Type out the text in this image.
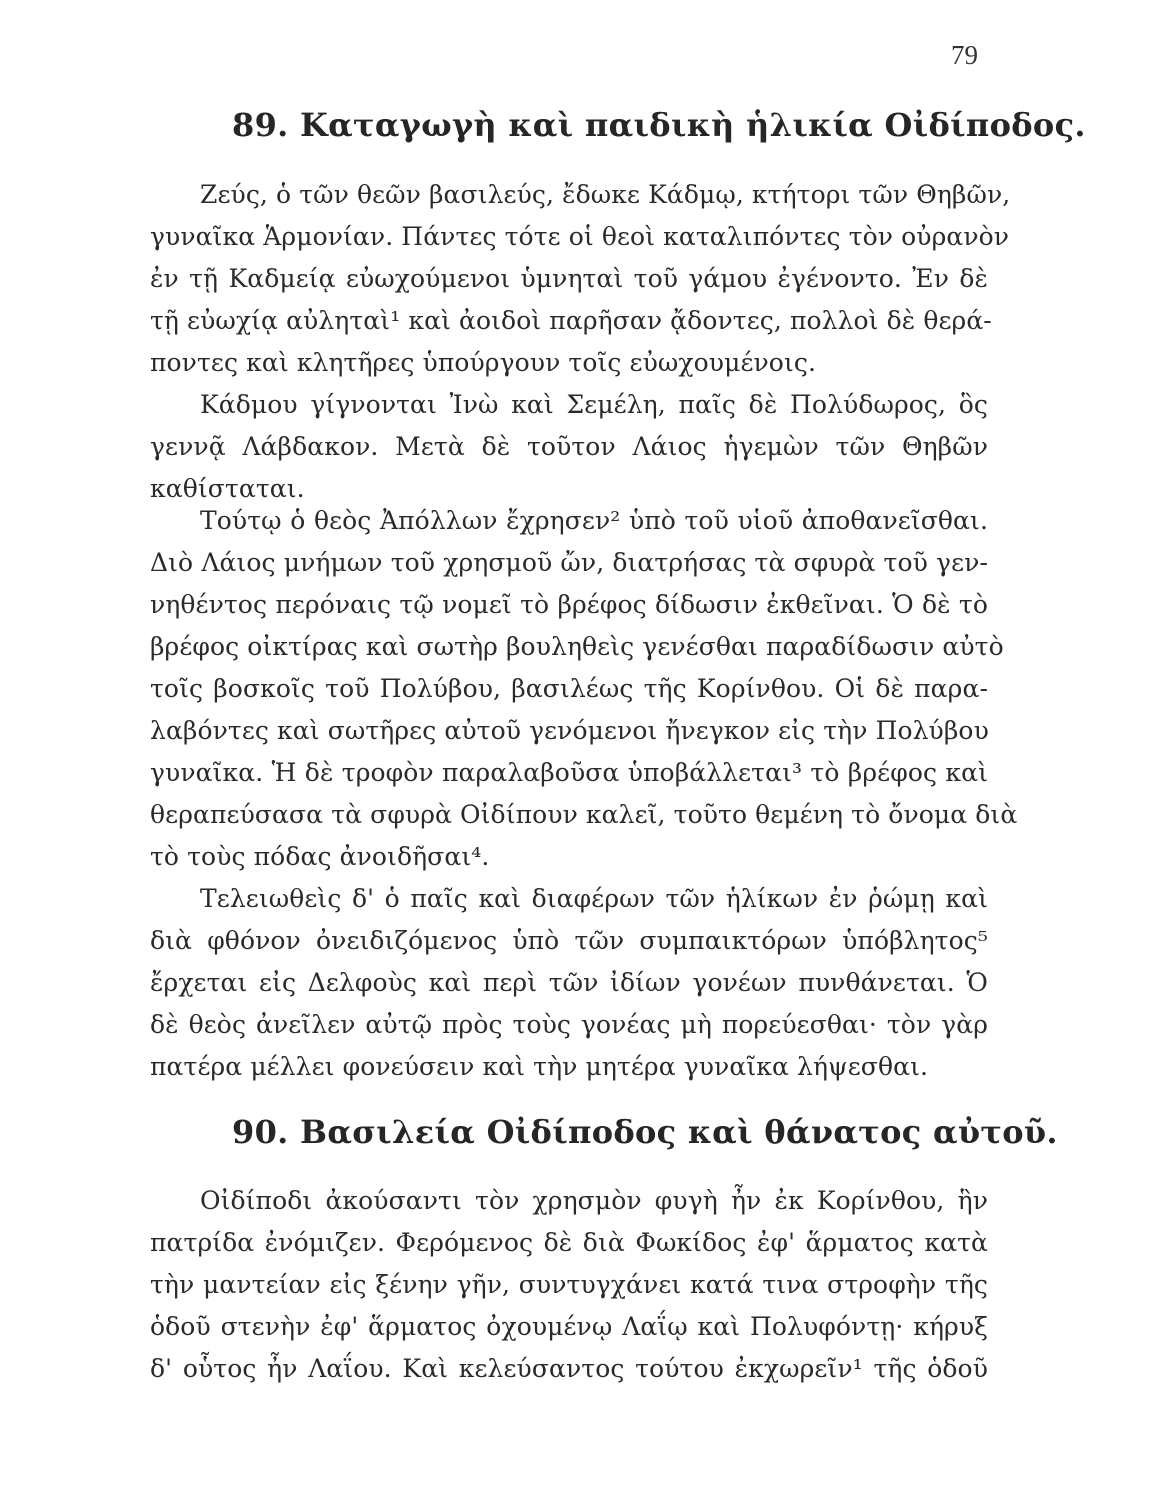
79
89. Καταγωγὴ καὶ παιδικὴ ἡλικία Οἰδίποδος.
Ζεύς, ὁ τῶν θεῶν βασιλεύς, ἔδωκε Κάδμῳ, κτήτορι τῶν Θηβῶν,
γυναῖκα Ἁρμονίαν. Πάντες τότε οἱ θεοὶ καταλιπόντες τὸν οὐρανὸν
ἐν τῇ Καδμείᾳ εὐωχούμενοι ὑμνηταὶ τοῦ γάμου ἐγένοντο. Ἐν δὲ
τῇ εὐωχίᾳ αὐληταὶ¹ καὶ ἀοιδοὶ παρῆσαν ᾄδοντες, πολλοὶ δὲ θερά-
ποντες καὶ κλητῆρες ὑπούργουν τοῖς εὐωχουμένοις.
Κάδμου γίγνονται Ἰνὼ καὶ Σεμέλη, παῖς δὲ Πολύδωρος, ὃς
γεννᾷ Λάβδακον. Μετὰ δὲ τοῦτον Λάιος ἡγεμὼν τῶν Θηβῶν
καθίσταται.
Τούτῳ ὁ θεὸς Ἀπόλλων ἔχρησεν² ὑπὸ τοῦ υἱοῦ ἀποθανεῖσθαι.
Διὸ Λάιος μνήμων τοῦ χρησμοῦ ὤν, διατρήσας τὰ σφυρὰ τοῦ γεν-
νηθέντος περόναις τῷ νομεῖ τὸ βρέφος δίδωσιν ἐκθεῖναι. Ὁ δὲ τὸ
βρέφος οἰκτίρας καὶ σωτὴρ βουληθεὶς γενέσθαι παραδίδωσιν αὐτὸ
τοῖς βοσκοῖς τοῦ Πολύβου, βασιλέως τῆς Κορίνθου. Οἱ δὲ παρα-
λαβόντες καὶ σωτῆρες αὐτοῦ γενόμενοι ἤνεγκον εἰς τὴν Πολύβου
γυναῖκα. Ἡ δὲ τροφὸν παραλαβοῦσα ὑποβάλλεται³ τὸ βρέφος καὶ
θεραπεύσασα τὰ σφυρὰ Οἰδίπουν καλεῖ, τοῦτο θεμένη τὸ ὄνομα διὰ
τὸ τοὺς πόδας ἀνοιδῆσαι⁴.
Τελειωθεὶς δ' ὁ παῖς καὶ διαφέρων τῶν ἡλίκων ἐν ῥώμῃ καὶ
διὰ φθόνον ὀνειδιζόμενος ὑπὸ τῶν συμπαικτόρων ὑπόβλητος⁵
ἔρχεται εἰς Δελφοὺς καὶ περὶ τῶν ἰδίων γονέων πυνθάνεται. Ὁ
δὲ θεὸς ἀνεῖλεν αὐτῷ πρὸς τοὺς γονέας μὴ πορεύεσθαι· τὸν γὰρ
πατέρα μέλλει φονεύσειν καὶ τὴν μητέρα γυναῖκα λήψεσθαι.
90. Βασιλεία Οἰδίποδος καὶ θάνατος αὐτοῦ.
Οἰδίποδι ἀκούσαντι τὸν χρησμὸν φυγὴ ἦν ἐκ Κορίνθου, ἣν
πατρίδα ἐνόμιζεν. Φερόμενος δὲ διὰ Φωκίδος ἐφ' ἅρματος κατὰ
τὴν μαντείαν εἰς ξένην γῆν, συντυγχάνει κατά τινα στροφὴν τῆς
ὁδοῦ στενὴν ἐφ' ἅρματος ὀχουμένῳ Λαΐῳ καὶ Πολυφόντῃ· κήρυξ
δ' οὗτος ἦν Λαΐου. Καὶ κελεύσαντος τούτου ἐκχωρεῖν¹ τῆς ὁδοῦ
